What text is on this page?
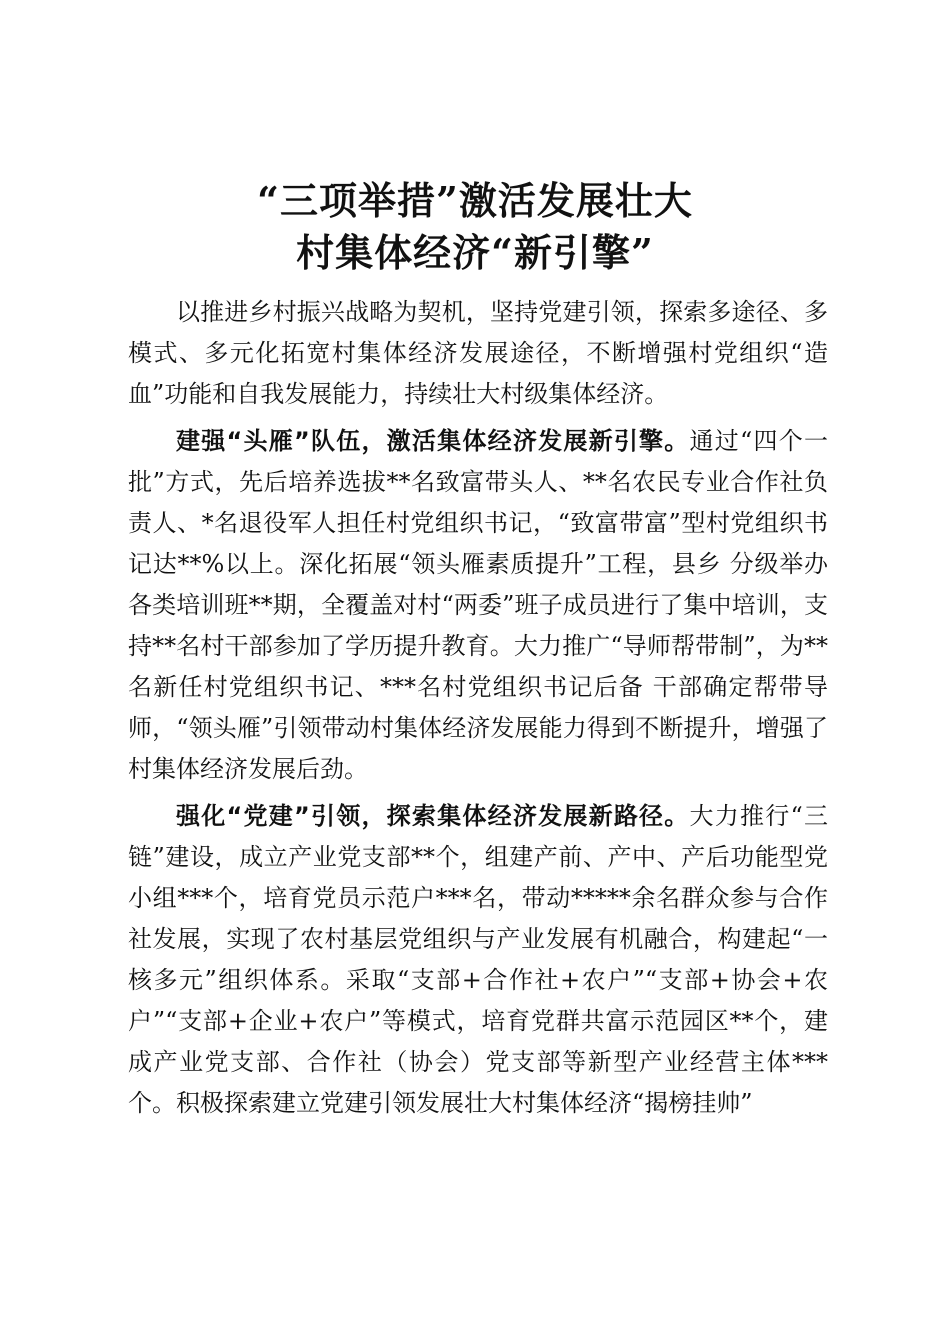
“三项举措”激活发展壮大
村集体经济“新引擎”

以推进乡村振兴战略为契机，坚持党建引领，探索多途径、多模式、多元化拓宽村集体经济发展途径，不断增强村党组织“造血”功能和自我发展能力，持续壮大村级集体经济。

建强“头雁”队伍，激活集体经济发展新引擎。通过“四个一批”方式，先后培养选拔**名致富带头人、**名农民专业合作社负责人、*名退役军人担任村党组织书记，“致富带富”型村党组织书记达**%以上。深化拓展“领头雁素质提升”工程，县乡 分级举办各类培训班**期，全覆盖对村“两委”班子成员进行了集中培训，支持**名村干部参加了学历提升教育。大力推广“导师帮带制”，为**名新任村党组织书记、***名村党组织书记后备 干部确定帮带导师，“领头雁”引领带动村集体经济发展能力得到不断提升，增强了村集体经济发展后劲。

强化“党建”引领，探索集体经济发展新路径。大力推行“三链”建设，成立产业党支部**个，组建产前、产中、产后功能型党小组***个，培育党员示范户***名，带动*****余名群众参与合作社发展，实现了农村基层党组织与产业发展有机融合，构建起“一核多元”组织体系。采取“支部+合作社+农户”“支部+协会+农户”“支部+企业+农户”等模式，培育党群共富示范园区**个，建成产业党支部、合作社（协会）党支部等新型产业经营主体***个。积极探索建立党建引领发展壮大村集体经济“揭榜挂帅”
